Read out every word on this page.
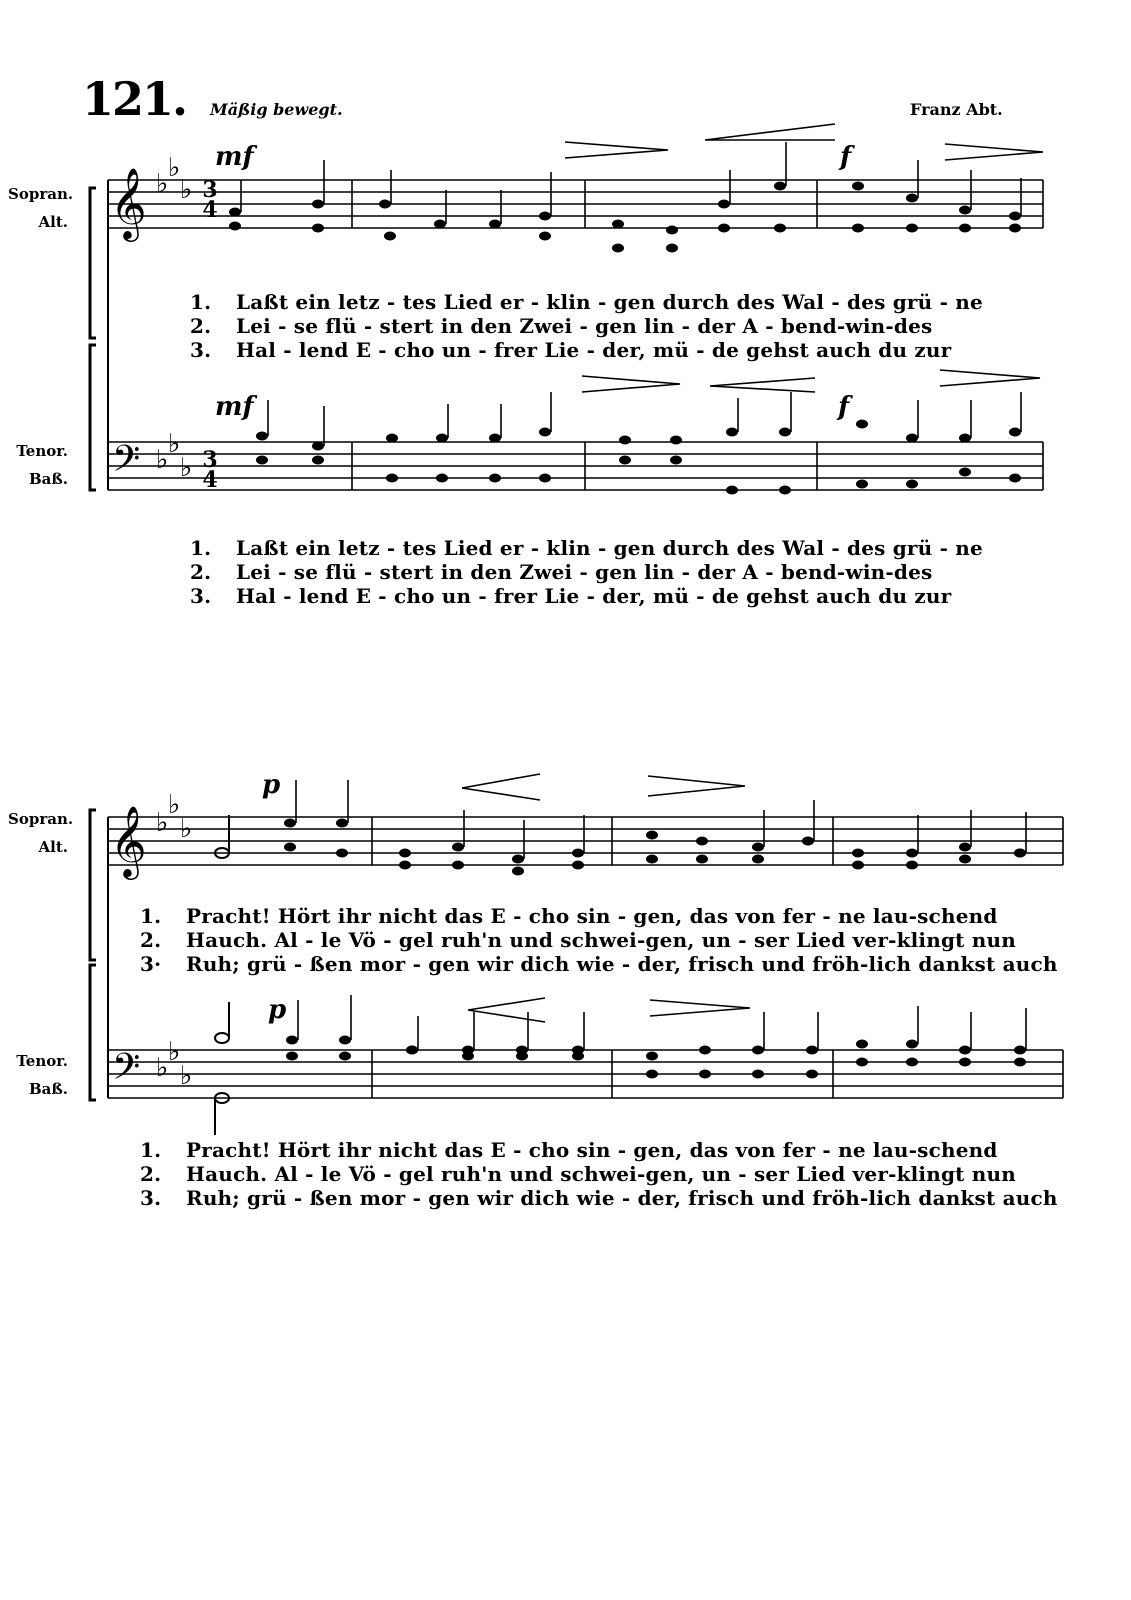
121. Mäßig bewegt.	Franz Abt.
Sopran.
Alt.
Tenor.
Baß.
Sopran.
Alt.
Tenor.
Baß.
mf	f
mf	f
p
p
3
4
3
4
𝄞
𝄢
𝄞
𝄢
♭
♭
♭
♭
♭
♭
♭
♭
♭
♭
♭
♭
1. Laßt ein letz - tes Lied er - klin - gen durch des Wal - des grü - ne
2. Lei - se flü - stert in den Zwei - gen lin - der A - bend-win-des
3. Hal - lend E - cho un - frer Lie - der, mü - de gehst auch du zur
1. Laßt ein letz - tes Lied er - klin - gen durch des Wal - des grü - ne
2. Lei - se flü - stert in den Zwei - gen lin - der A - bend-win-des
3. Hal - lend E - cho un - frer Lie - der, mü - de gehst auch du zur
1. Pracht! Hört ihr nicht das E - cho sin - gen, das von fer - ne lau-schend
2. Hauch. Al - le Vö - gel ruh'n und schwei-gen, un - ser Lied ver-klingt nun
3· Ruh; grü - ßen mor - gen wir dich wie - der, frisch und fröh-lich dankst auch
1. Pracht! Hört ihr nicht das E - cho sin - gen, das von fer - ne lau-schend
2. Hauch. Al - le Vö - gel ruh'n und schwei-gen, un - ser Lied ver-klingt nun
3. Ruh; grü - ßen mor - gen wir dich wie - der, frisch und fröh-lich dankst auch
